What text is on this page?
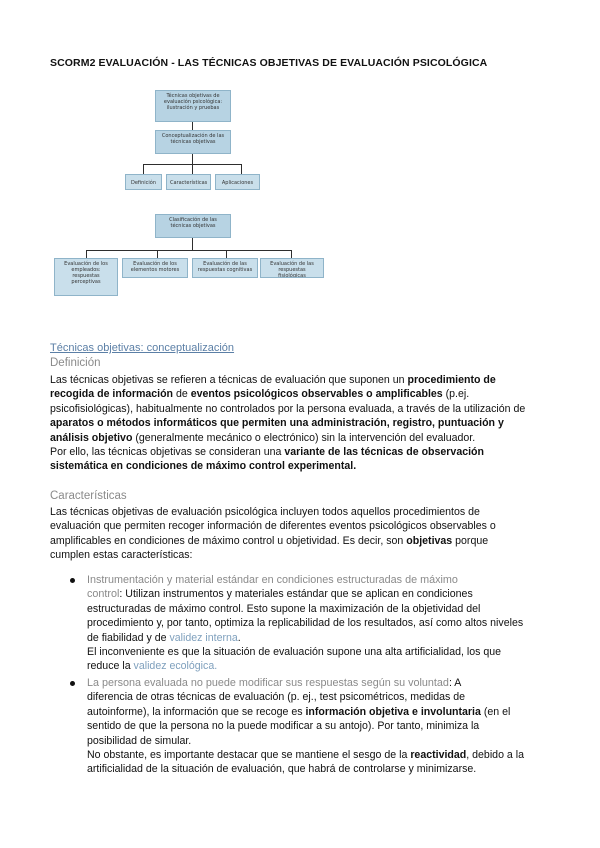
SCORM2 EVALUACIÓN - LAS TÉCNICAS OBJETIVAS DE EVALUACIÓN PSICOLÓGICA
Técnicas objetivas de evaluación psicológica: ilustración y pruebas
Conceptualización de las técnicas objetivas
Definición	Características	Aplicaciones
Clasificación de las técnicas objetivas
Evaluación de los empleados: respuestas perceptivas
Evaluación de los elementos motores
Evaluación de las respuestas cognitivas
Evaluación de las respuestas fisiológicas
Técnicas objetivas: conceptualización
Definición

Las técnicas objetivas se refieren a técnicas de evaluación que suponen un procedimiento de

recogida de información de eventos psicológicos observables o amplificables (p.ej.

psicofisiológicas), habitualmente no controlados por la persona evaluada, a través de la utilización de

aparatos o métodos informáticos que permiten una administración, registro, puntuación y

análisis objetivo (generalmente mecánico o electrónico) sin la intervención del evaluador.

Por ello, las técnicas objetivas se consideran una variante de las técnicas de observación

sistemática en condiciones de máximo control experimental.

Características

Las técnicas objetivas de evaluación psicológica incluyen todos aquellos procedimientos de

evaluación que permiten recoger información de diferentes eventos psicológicos observables o

amplificables en condiciones de máximo control u objetividad. Es decir, son objetivas porque

cumplen estas características:

Instrumentación y material estándar en condiciones estructuradas de máximo

control: Utilizan instrumentos y materiales estándar que se aplican en condiciones

estructuradas de máximo control. Esto supone la maximización de la objetividad del

procedimiento y, por tanto, optimiza la replicabilidad de los resultados, así como altos niveles

de fiabilidad y de validez interna.

El inconveniente es que la situación de evaluación supone una alta artificialidad, los que

reduce la validez ecológica.

La persona evaluada no puede modificar sus respuestas según su voluntad: A

diferencia de otras técnicas de evaluación (p. ej., test psicométricos, medidas de

autoinforme), la información que se recoge es información objetiva e involuntaria (en el

sentido de que la persona no la puede modificar a su antojo). Por tanto, minimiza la

posibilidad de simular.

No obstante, es importante destacar que se mantiene el sesgo de la reactividad, debido a la

artificialidad de la situación de evaluación, que habrá de controlarse y minimizarse.
